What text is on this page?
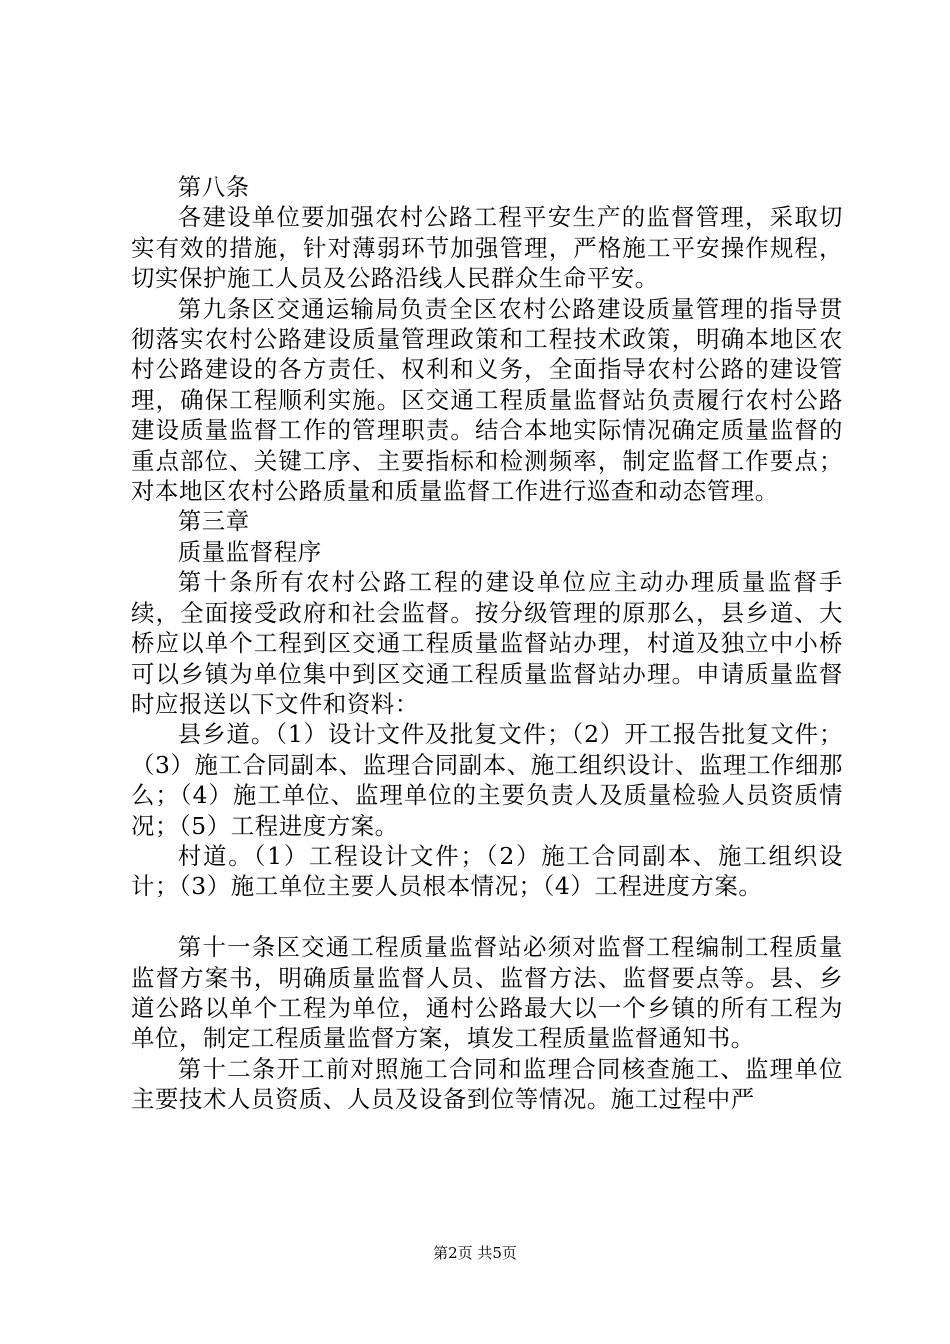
第八条

各建设单位要加强农村公路工程平安生产的监督管理，采取切实有效的措施，针对薄弱环节加强管理，严格施工平安操作规程，切实保护施工人员及公路沿线人民群众生命平安。

第九条区交通运输局负责全区农村公路建设质量管理的指导贯彻落实农村公路建设质量管理政策和工程技术政策，明确本地区农村公路建设的各方责任、权利和义务，全面指导农村公路的建设管理，确保工程顺利实施。区交通工程质量监督站负责履行农村公路建设质量监督工作的管理职责。结合本地实际情况确定质量监督的重点部位、关键工序、主要指标和检测频率，制定监督工作要点；对本地区农村公路质量和质量监督工作进行巡查和动态管理。

第三章

质量监督程序

第十条所有农村公路工程的建设单位应主动办理质量监督手续，全面接受政府和社会监督。按分级管理的原那么，县乡道、大桥应以单个工程到区交通工程质量监督站办理，村道及独立中小桥可以乡镇为单位集中到区交通工程质量监督站办理。申请质量监督时应报送以下文件和资料：

县乡道。（1）设计文件及批复文件；（2）开工报告批复文件；（3）施工合同副本、监理合同副本、施工组织设计、监理工作细那么；（4）施工单位、监理单位的主要负责人及质量检验人员资质情况；（5）工程进度方案。

村道。（1）工程设计文件；（2）施工合同副本、施工组织设计；（3）施工单位主要人员根本情况；（4）工程进度方案。

第十一条区交通工程质量监督站必须对监督工程编制工程质量监督方案书，明确质量监督人员、监督方法、监督要点等。县、乡道公路以单个工程为单位，通村公路最大以一个乡镇的所有工程为单位，制定工程质量监督方案，填发工程质量监督通知书。

第十二条开工前对照施工合同和监理合同核查施工、监理单位主要技术人员资质、人员及设备到位等情况。施工过程中严

第2页 共5页
